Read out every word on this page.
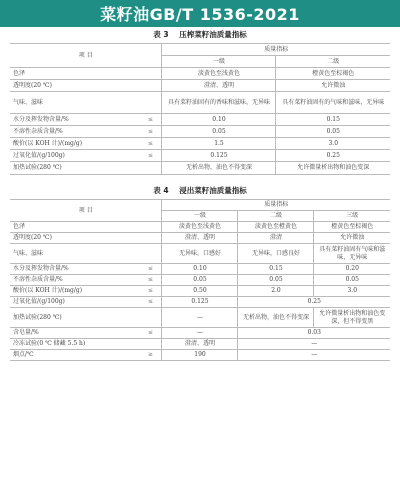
菜籽油GB/T 1536-2021
表 3 压榨菜籽油质量指标
项 目		质量指标	
		一级	二级
色泽		淡黄色至浅黄色	橙黄色至棕褐色
透明度(20 ℃)		澄清、透明	允许微浊
气味、滋味		具有菜籽油固有的香味和滋味，无异味	具有菜籽油固有的气味和滋味，无异味
水分及挥发物含量/%	≤	0.10	0.15
不溶性杂质含量/%	≤	0.05	0.05
酸价(以 KOH 计)/(mg/g)	≤	1.5	3.0
过氧化值/(g/100g)	≤	0.125	0.25
加热试验(280 ℃)		无析出物，油色不得变深	允许微量析出物和油色变深
表 4 浸出菜籽油质量指标
项 目		质量指标		
		一级	二级	三级
色泽		淡黄色至浅黄色	淡黄色至橙黄色	橙黄色至棕褐色
透明度(20 ℃)		澄清、透明	澄清	允许微浊
气味、滋味		无异味，口感好	无异味，口感良好	具有菜籽油固有气味和滋味，无异味
水分及挥发物含量/%	≤	0.10	0.15	0.20
不溶性杂质含量/%	≤	0.05	0.05	0.05
酸价(以 KOH 计)/(mg/g)	≤	0.50	2.0	3.0
过氧化值/(g/100g)	≤	0.125	0.25	
加热试验(280 ℃)		—	无析出物，油色不得变深	允许微量析出物和油色变深，但不得变黑
含皂量/%	≤	—	0.03	
冷冻试验(0 ℃ 储藏 5.5 h)		澄清、透明	—	
烟点/℃	≥	190	—	
